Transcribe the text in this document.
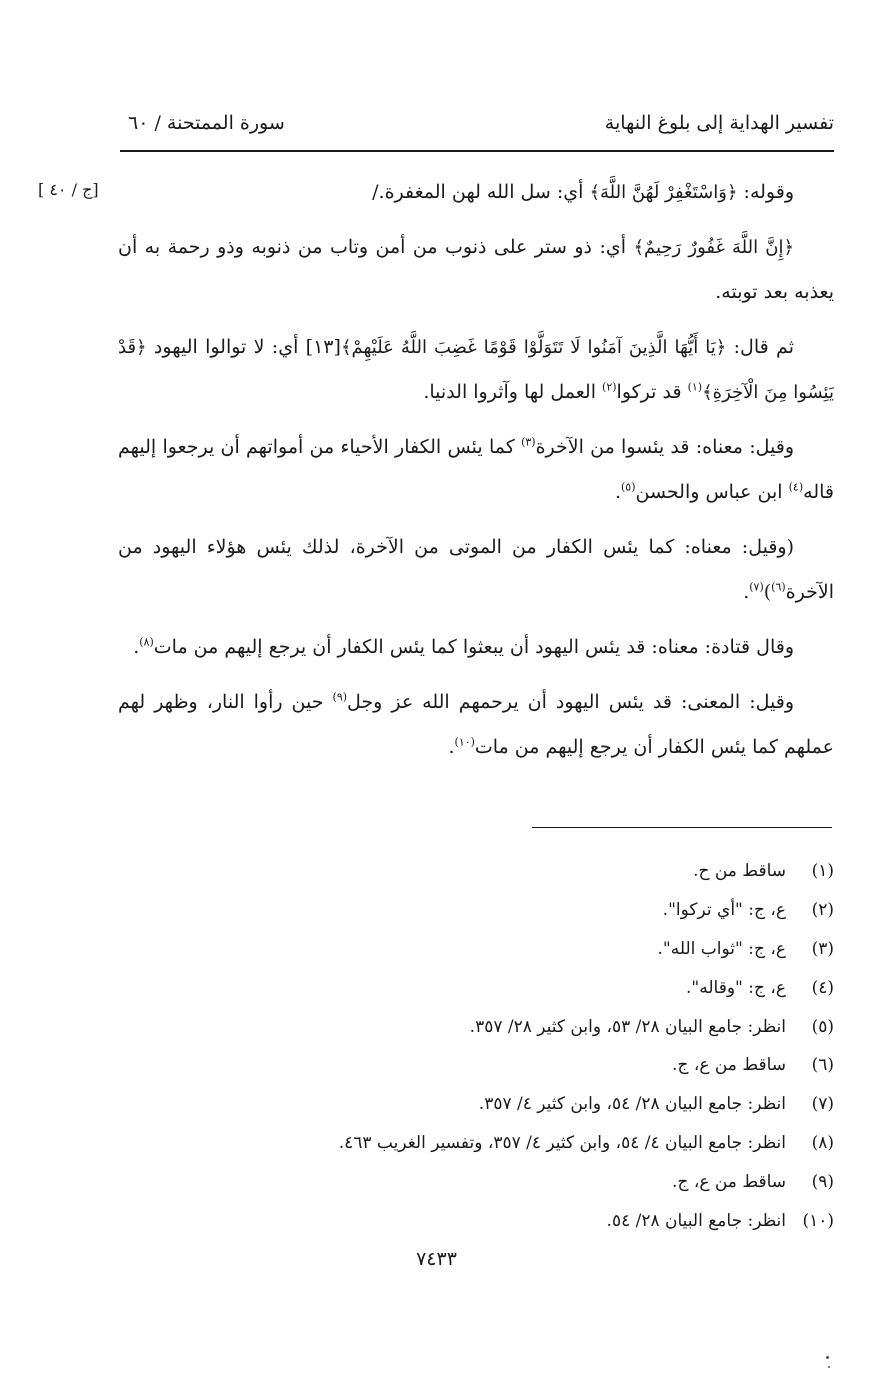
تفسير الهداية إلى بلوغ النهاية
سورة الممتحنة / ٦٠
[ج / ٤٠ ]	وقوله: ﴿وَاسْتَغْفِرْ لَهُنَّ اللَّهَ﴾ أي: سل الله لهن المغفرة./

﴿إِنَّ اللَّهَ غَفُورٌ رَحِيمٌ﴾ أي: ذو ستر على ذنوب من أمن وتاب من ذنوبه وذو رحمة به أن يعذبه بعد توبته.

ثم قال: ﴿يَا أَيُّهَا الَّذِينَ آمَنُوا لَا تَتَوَلَّوْا قَوْمًا غَضِبَ اللَّهُ عَلَيْهِمْ﴾[١٣] أي: لا توالوا اليهود ﴿قَدْ يَئِسُوا مِنَ الْآخِرَةِ﴾$^{(١)}$ قد تركوا$^{(٢)}$ العمل لها وآثروا الدنيا.

وقيل: معناه: قد يئسوا من الآخرة$^{(٣)}$ كما يئس الكفار الأحياء من أمواتهم أن يرجعوا إليهم قاله$^{(٤)}$ ابن عباس والحسن$^{(٥)}$.

(وقيل: معناه: كما يئس الكفار من الموتى من الآخرة، لذلك يئس هؤلاء اليهود من الآخرة$^{(٦)}$)$^{(٧)}$.

وقال قتادة: معناه: قد يئس اليهود أن يبعثوا كما يئس الكفار أن يرجع إليهم من مات$^{(٨)}$.

وقيل: المعنى: قد يئس اليهود أن يرحمهم الله عز وجل$^{(٩)}$ حين رأوا النار، وظهر لهم عملهم كما يئس الكفار أن يرجع إليهم من مات$^{(١٠)}$.

(١)ساقط من ح.
(٢)ع، ج: "أي تركوا".
(٣)ع، ج: "ثواب الله".
(٤)ع، ج: "وقاله".
(٥)انظر: جامع البيان ٢٨/ ٥٣، وابن كثير ٢٨/ ٣٥٧.
(٦)ساقط من ع، ج.
(٧)انظر: جامع البيان ٢٨/ ٥٤، وابن كثير ٤/ ٣٥٧.
(٨)انظر: جامع البيان ٤/ ٥٤، وابن كثير ٤/ ٣٥٧، وتفسير الغريب ٤٦٣.
(٩)ساقط من ع، ج.
(١٠)انظر: جامع البيان ٢٨/ ٥٤.
٧٤٣٣
